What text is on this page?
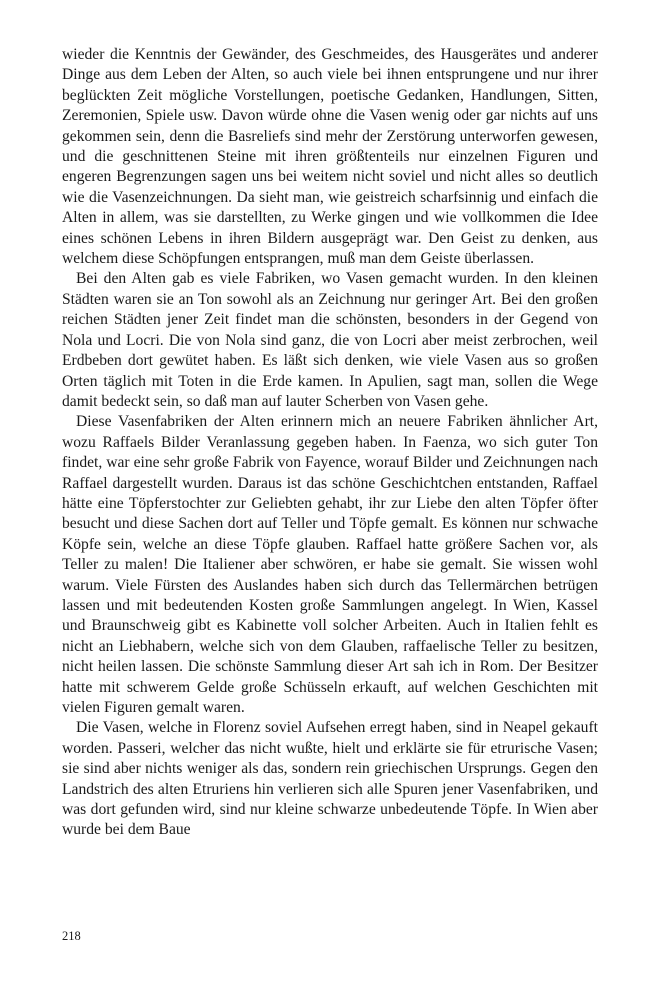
wieder die Kenntnis der Gewänder, des Geschmeides, des Hausgerätes und anderer Dinge aus dem Leben der Alten, so auch viele bei ihnen entsprungene und nur ihrer beglückten Zeit mögliche Vorstellungen, poetische Gedanken, Handlungen, Sitten, Zeremonien, Spiele usw. Davon würde ohne die Vasen wenig oder gar nichts auf uns gekommen sein, denn die Basreliefs sind mehr der Zerstörung unterworfen gewesen, und die geschnittenen Steine mit ihren größtenteils nur einzelnen Figuren und engeren Begrenzungen sagen uns bei weitem nicht soviel und nicht alles so deutlich wie die Vasenzeichnungen. Da sieht man, wie geistreich scharfsinnig und einfach die Alten in allem, was sie darstellten, zu Werke gingen und wie vollkommen die Idee eines schönen Lebens in ihren Bildern ausgeprägt war. Den Geist zu denken, aus welchem diese Schöpfungen entsprangen, muß man dem Geiste überlassen.

Bei den Alten gab es viele Fabriken, wo Vasen gemacht wurden. In den kleinen Städten waren sie an Ton sowohl als an Zeichnung nur geringer Art. Bei den großen reichen Städten jener Zeit findet man die schönsten, besonders in der Gegend von Nola und Locri. Die von Nola sind ganz, die von Locri aber meist zerbrochen, weil Erdbeben dort gewütet haben. Es läßt sich denken, wie viele Vasen aus so großen Orten täglich mit Toten in die Erde kamen. In Apulien, sagt man, sollen die Wege damit bedeckt sein, so daß man auf lauter Scherben von Vasen gehe.

Diese Vasenfabriken der Alten erinnern mich an neuere Fabriken ähnlicher Art, wozu Raffaels Bilder Veranlassung gegeben haben. In Faenza, wo sich guter Ton findet, war eine sehr große Fabrik von Fayence, worauf Bilder und Zeichnungen nach Raffael dargestellt wurden. Daraus ist das schöne Geschichtchen entstanden, Raffael hätte eine Töpferstochter zur Geliebten gehabt, ihr zur Liebe den alten Töpfer öfter besucht und diese Sachen dort auf Teller und Töpfe gemalt. Es können nur schwache Köpfe sein, welche an diese Töpfe glauben. Raffael hatte größere Sachen vor, als Teller zu malen! Die Italiener aber schwören, er habe sie gemalt. Sie wissen wohl warum. Viele Fürsten des Auslandes haben sich durch das Tellermärchen betrügen lassen und mit bedeutenden Kosten große Sammlungen angelegt. In Wien, Kassel und Braunschweig gibt es Kabinette voll solcher Arbeiten. Auch in Italien fehlt es nicht an Liebhabern, welche sich von dem Glauben, raffaelische Teller zu besitzen, nicht heilen lassen. Die schönste Sammlung dieser Art sah ich in Rom. Der Besitzer hatte mit schwerem Gelde große Schüsseln erkauft, auf welchen Geschichten mit vielen Figuren gemalt waren.

Die Vasen, welche in Florenz soviel Aufsehen erregt haben, sind in Neapel gekauft worden. Passeri, welcher das nicht wußte, hielt und erklärte sie für etrurische Vasen; sie sind aber nichts weniger als das, sondern rein griechischen Ursprungs. Gegen den Landstrich des alten Etruriens hin verlieren sich alle Spuren jener Vasenfabriken, und was dort gefunden wird, sind nur kleine schwarze unbedeutende Töpfe. In Wien aber wurde bei dem Baue

218
